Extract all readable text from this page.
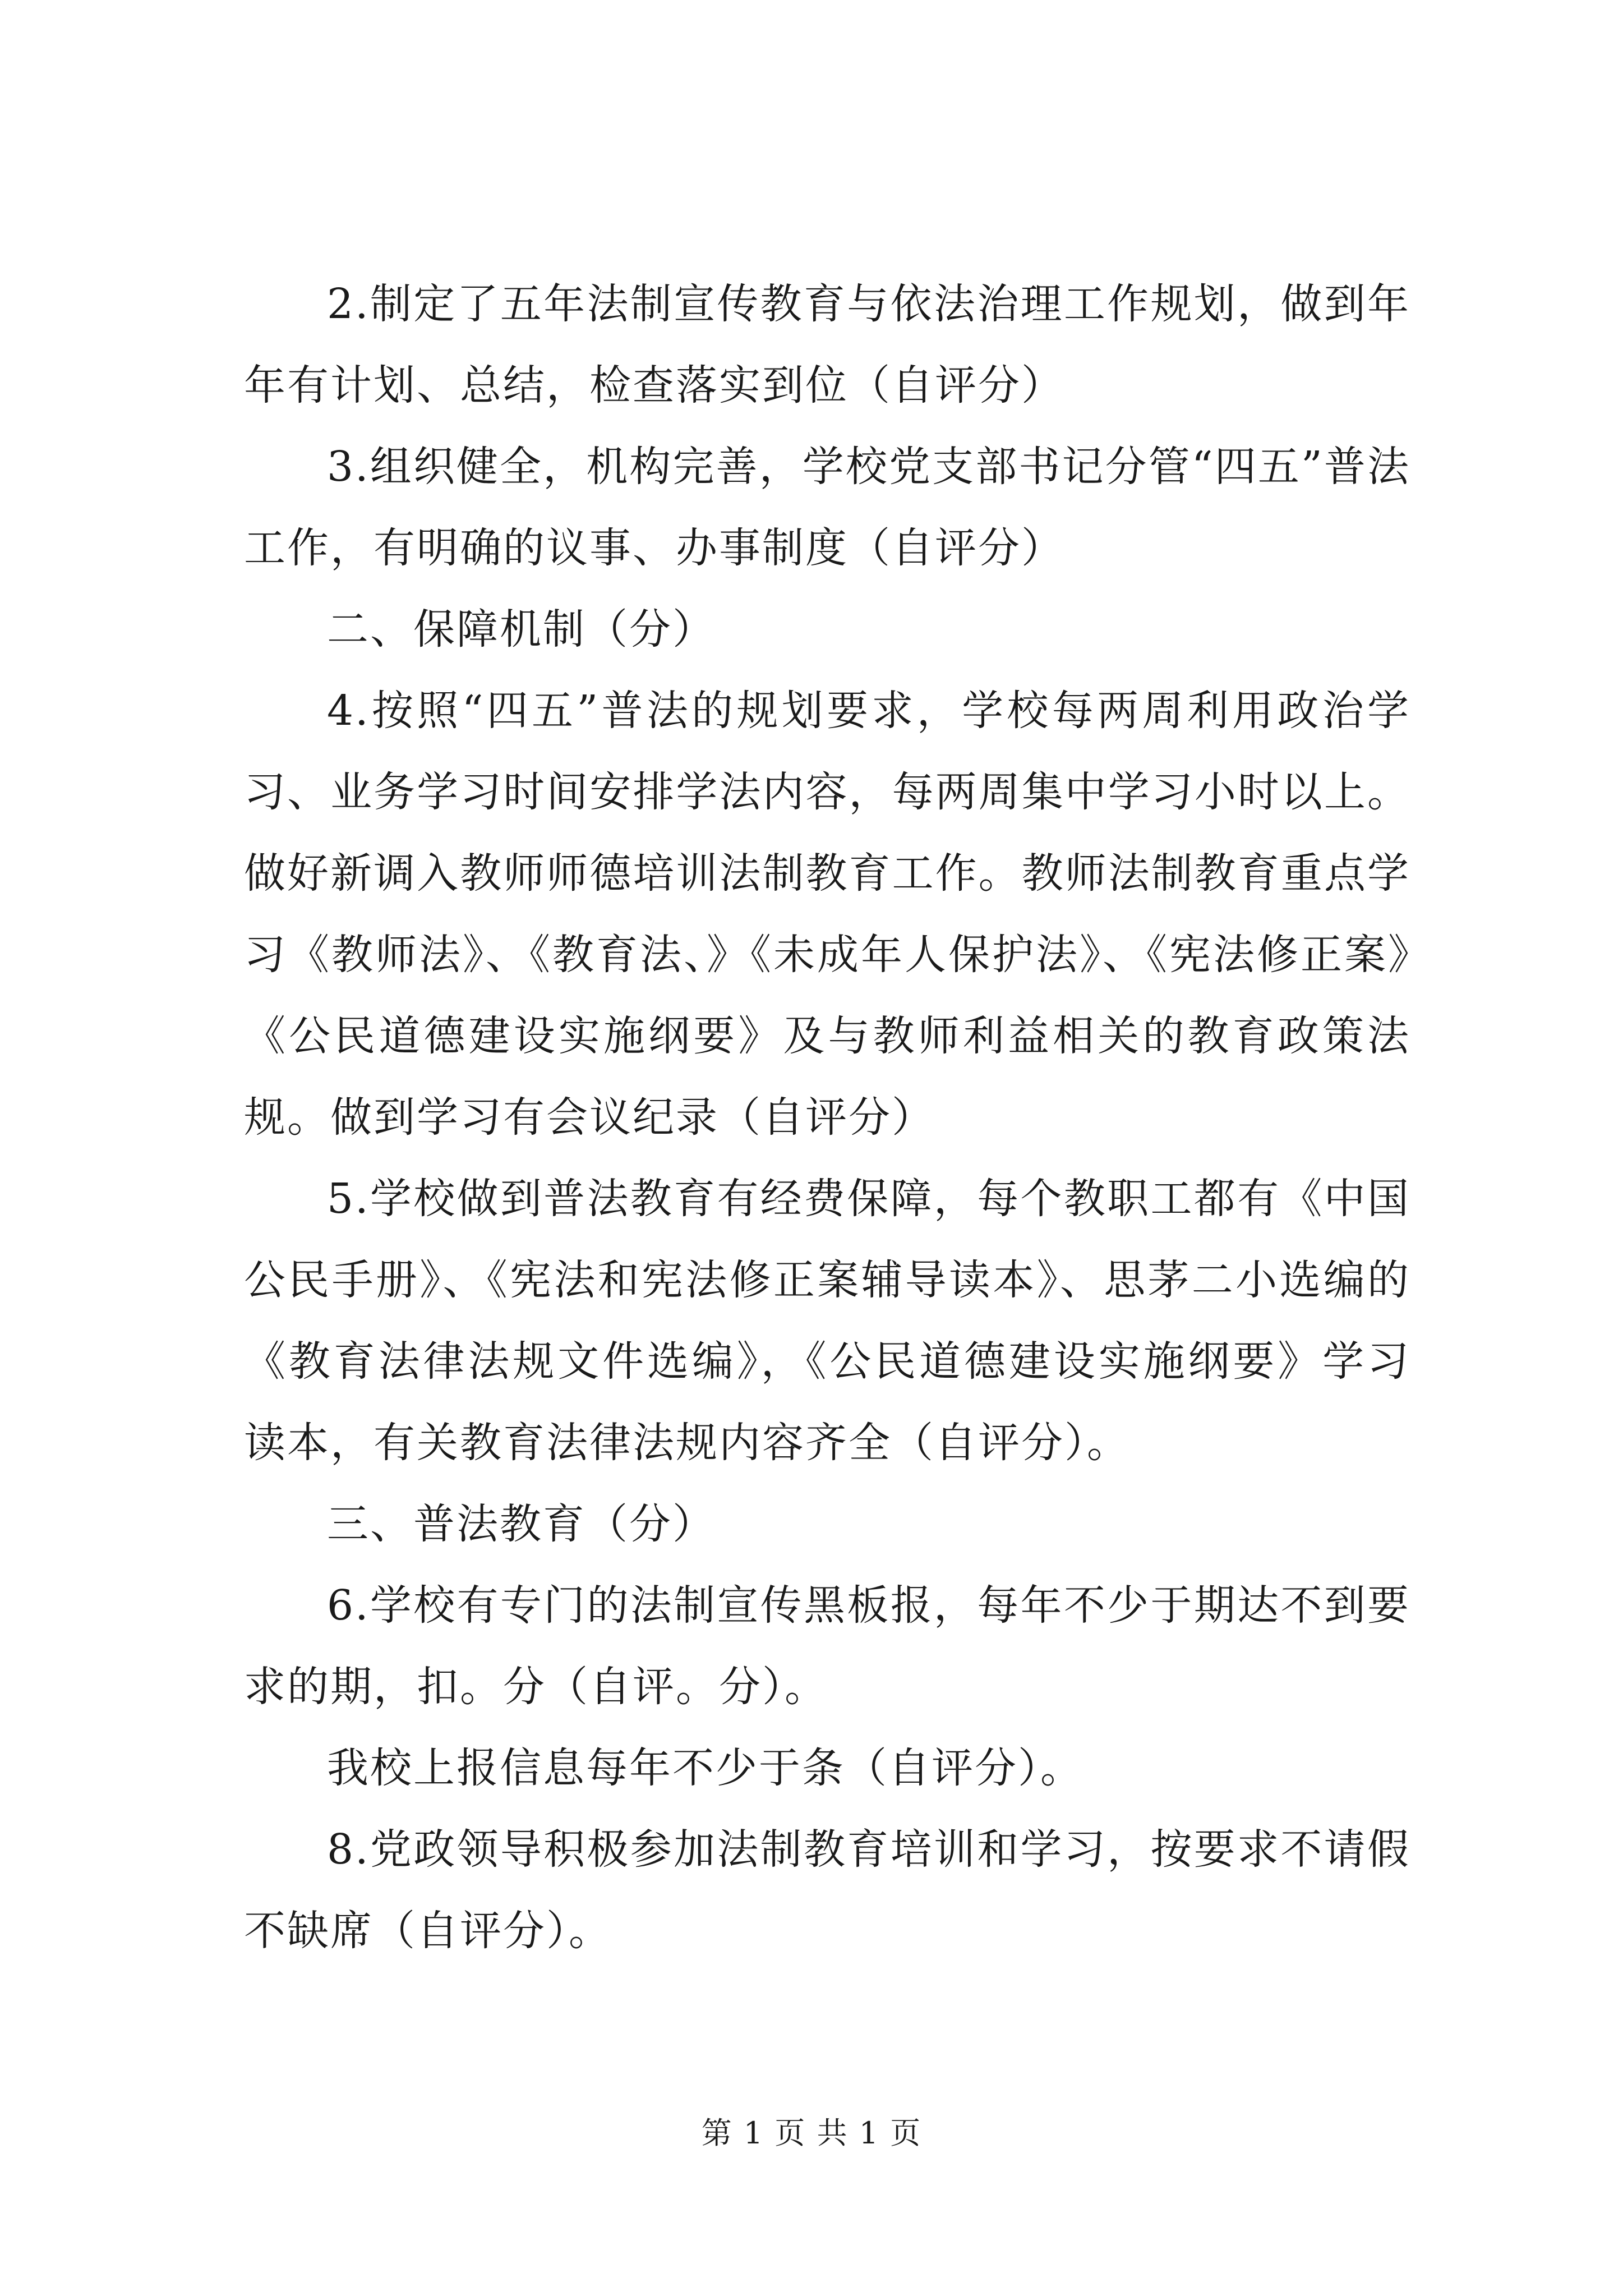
2.制定了五年法制宣传教育与依法治理工作规划，做到年年有计划、总结，检查落实到位（自评分）

3.组织健全，机构完善，学校党支部书记分管“四五”普法工作，有明确的议事、办事制度（自评分）

二、保障机制（分）

4.按照“四五”普法的规划要求，学校每两周利用政治学习、业务学习时间安排学法内容，每两周集中学习小时以上。做好新调入教师师德培训法制教育工作。教师法制教育重点学习《教师法》、《教育法、》《未成年人保护法》、《宪法修正案》《公民道德建设实施纲要》及与教师利益相关的教育政策法规。做到学习有会议纪录（自评分）

5.学校做到普法教育有经费保障，每个教职工都有《中国公民手册》、《宪法和宪法修正案辅导读本》、思茅二小选编的《教育法律法规文件选编》，《公民道德建设实施纲要》学习读本，有关教育法律法规内容齐全（自评分）。

三、普法教育（分）

6.学校有专门的法制宣传黑板报，每年不少于期达不到要求的期，扣。分（自评。分）。

我校上报信息每年不少于条（自评分）。

8.党政领导积极参加法制教育培训和学习，按要求不请假不缺席（自评分）。

第 1 页 共 1 页
